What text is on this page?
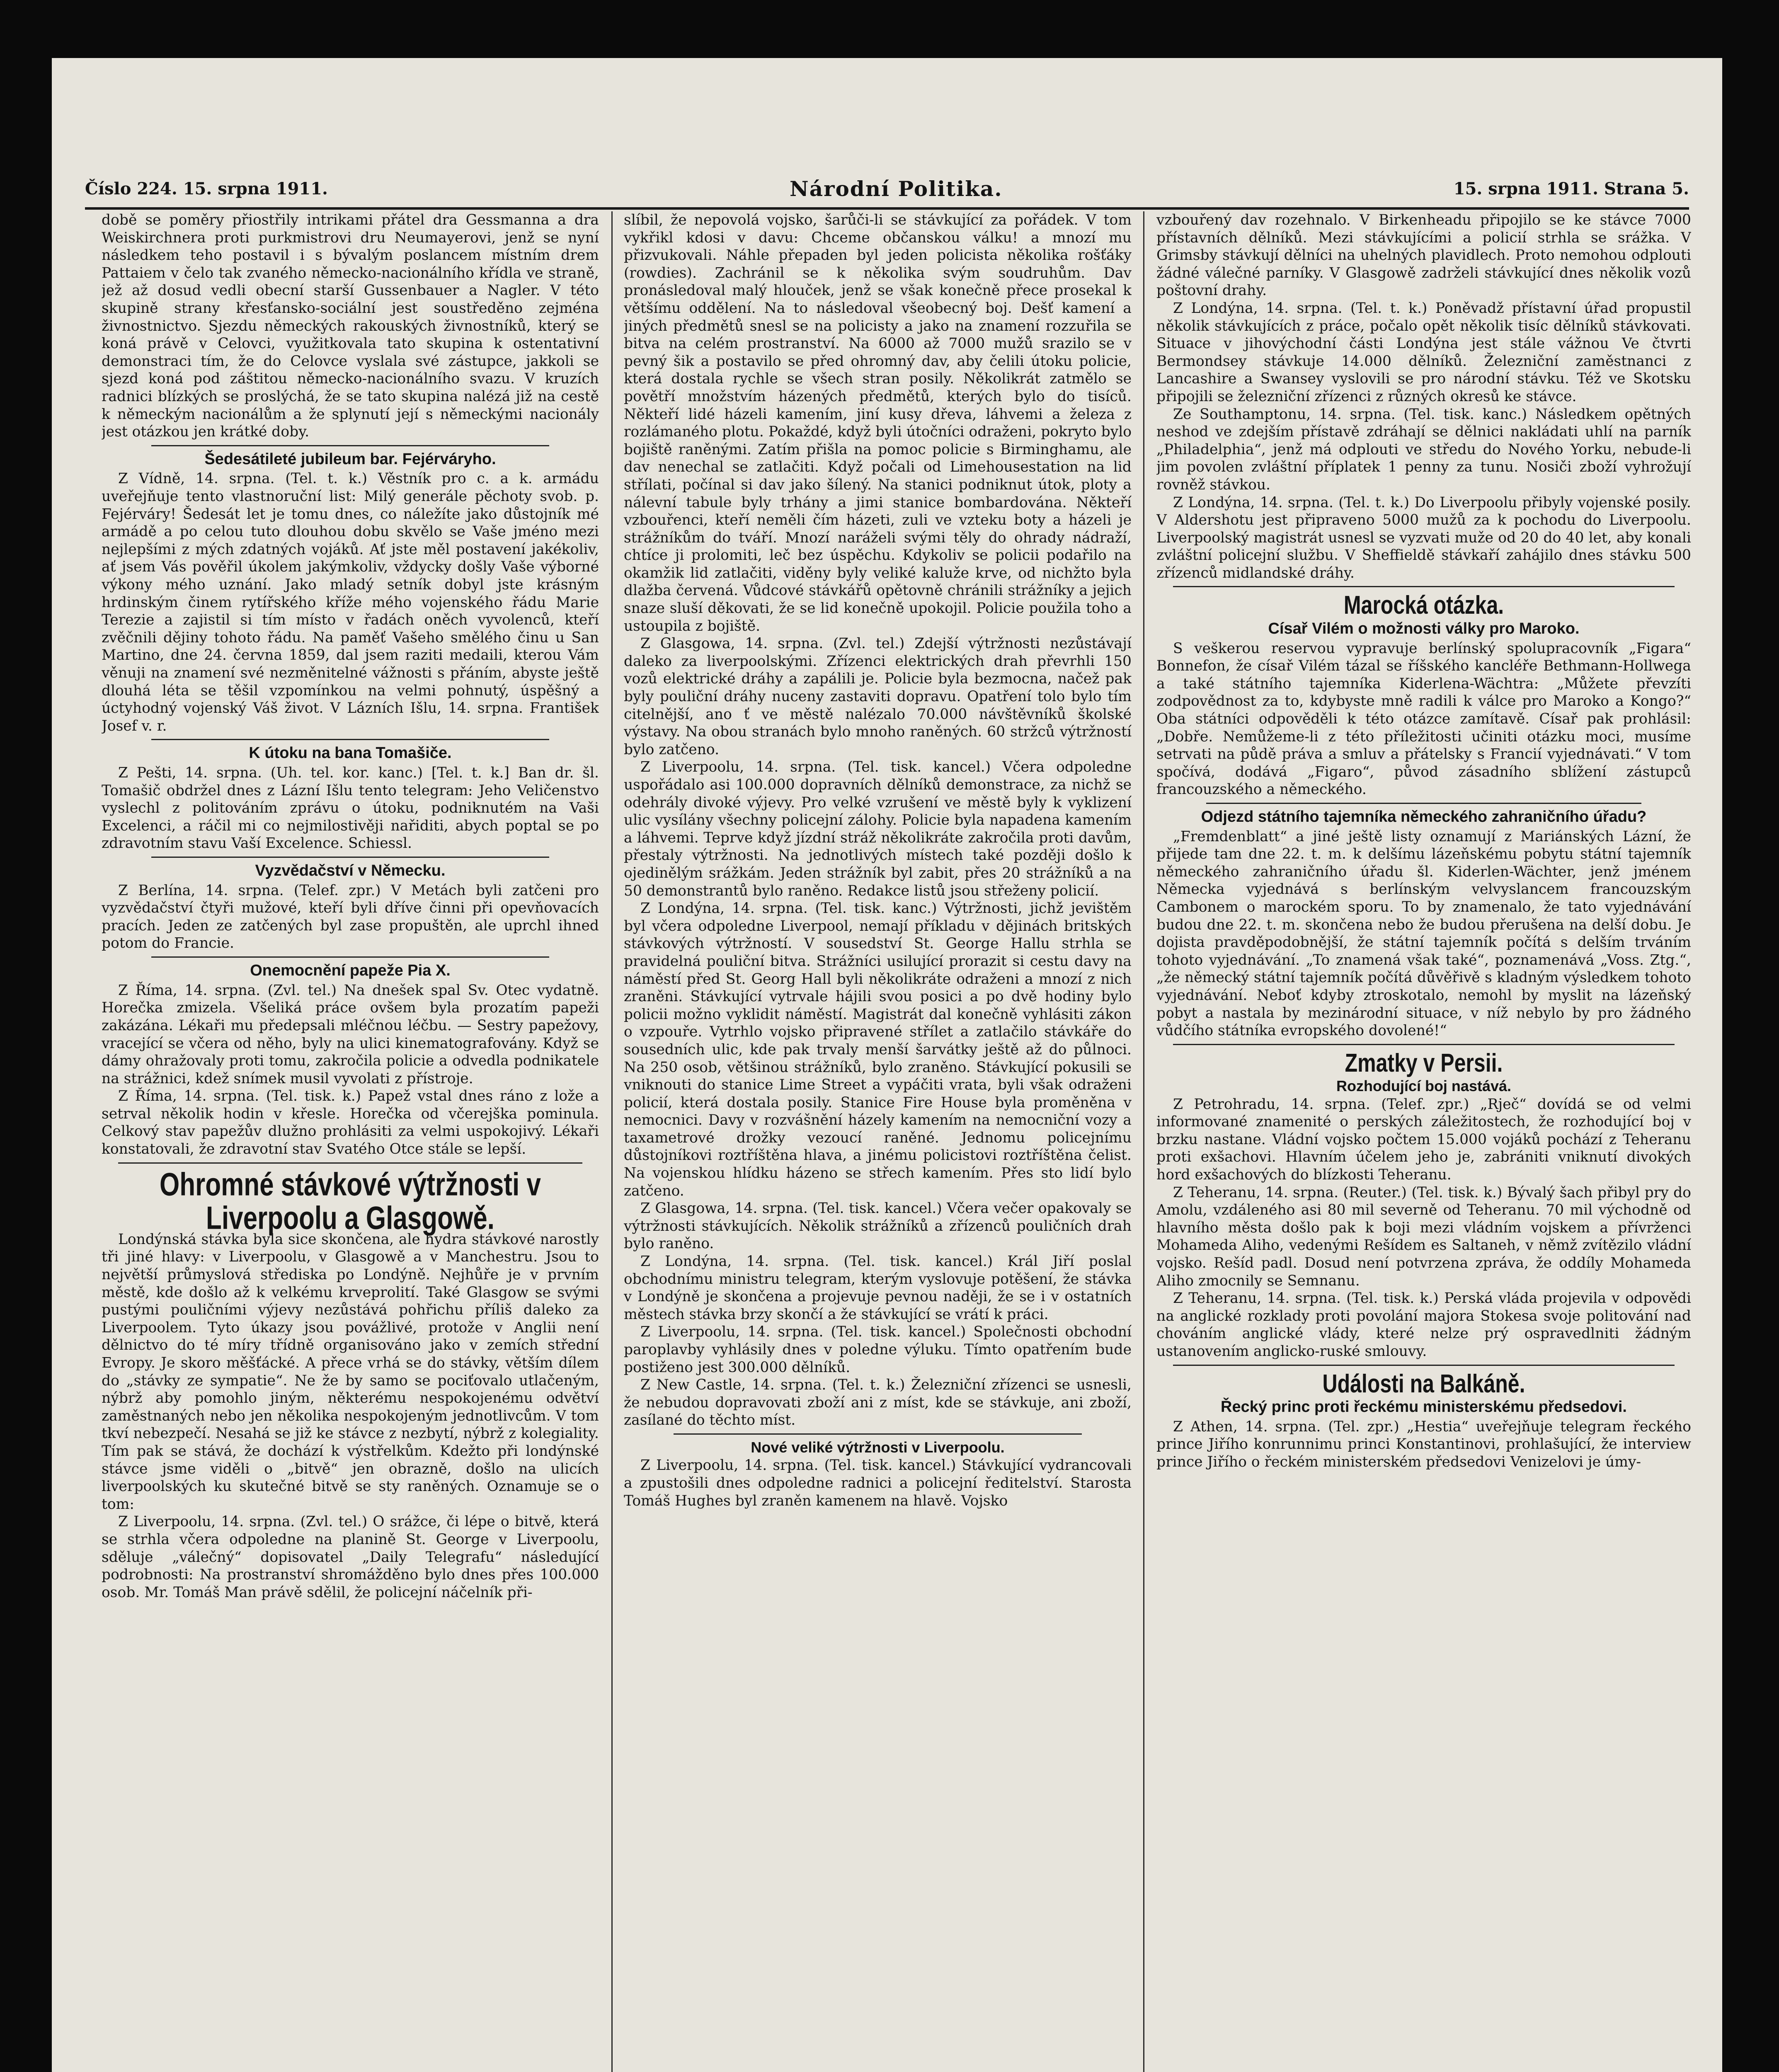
Číslo 224. 15. srpna 1911.	Národní Politika.	15. srpna 1911. Strana 5.

době se poměry přiostřily intrikami přátel dra Gessmanna a dra Weiskirchnera proti purkmistrovi dru Neumayerovi, jenž se nyní následkem teho postavil i s bývalým poslancem místním drem Pattaiem v čelo tak zvaného německo-nacionálního křídla ve straně, jež až dosud vedli obecní starší Gussenbauer a Nagler. V této skupině strany křesťansko-sociální jest soustředěno zejména živnostnictvo. Sjezdu německých rakouských živnostníků, který se koná právě v Celovci, využitkovala tato skupina k ostentativní demonstraci tím, že do Celovce vyslala své zástupce, jakkoli se sjezd koná pod záštitou německo-nacionálního svazu. V kruzích radnici blízkých se proslýchá, že se tato skupina nalézá již na cestě k německým nacionálům a že splynutí její s německými nacionály jest otázkou jen krátké doby.

Šedesátileté jubileum bar. Fejérváryho.

Z Vídně, 14. srpna. (Tel. t. k.) Věstník pro c. a k. armádu uveřejňuje tento vlastnoruční list: Milý generále pěchoty svob. p. Fejérváry! Šedesát let je tomu dnes, co náležíte jako důstojník mé armádě a po celou tuto dlouhou dobu skvělo se Vaše jméno mezi nejlepšími z mých zdatných vojáků. Ať jste měl postavení jakékoliv, ať jsem Vás pověřil úkolem jakýmkoliv, vždycky došly Vaše výborné výkony mého uznání. Jako mladý setník dobyl jste krásným hrdinským činem rytířského kříže mého vojenského řádu Marie Terezie a zajistil si tím místo v řadách oněch vyvolenců, kteří zvěčnili dějiny tohoto řádu. Na paměť Vašeho smělého činu u San Martino, dne 24. června 1859, dal jsem raziti medaili, kterou Vám věnuji na znamení své nezměnitelné vážnosti s přáním, abyste ještě dlouhá léta se těšil vzpomínkou na velmi pohnutý, úspěšný a úctyhodný vojenský Váš život. V Lázních Išlu, 14. srpna. František Josef v. r.

K útoku na bana Tomašiče.

Z Pešti, 14. srpna. (Uh. tel. kor. kanc.) [Tel. t. k.] Ban dr. šl. Tomašič obdržel dnes z Lázní Išlu tento telegram: Jeho Veličenstvo vyslechl z politováním zprávu o útoku, podniknutém na Vaši Excelenci, a ráčil mi co nejmilostivěji nařiditi, abych poptal se po zdravotním stavu Vaší Excelence. Schiessl.

Vyzvědačství v Německu.

Z Berlína, 14. srpna. (Telef. zpr.) V Metách byli zatčeni pro vyzvědačství čtyři mužové, kteří byli dříve činni při opevňovacích pracích. Jeden ze zatčených byl zase propuštěn, ale uprchl ihned potom do Francie.

Onemocnění papeže Pia X.

Z Říma, 14. srpna. (Zvl. tel.) Na dnešek spal Sv. Otec vydatně. Horečka zmizela. Všeliká práce ovšem byla prozatím papeži zakázána. Lékaři mu předepsali mléčnou léčbu. — Sestry papežovy, vracející se včera od něho, byly na ulici kinematografovány. Když se dámy ohražovaly proti tomu, zakročila policie a odvedla podnikatele na strážnici, kdež snímek musil vyvolati z přístroje.

Z Říma, 14. srpna. (Tel. tisk. k.) Papež vstal dnes ráno z lože a setrval několik hodin v křesle. Horečka od včerejška pominula. Celkový stav papežův dlužno prohlásiti za velmi uspokojivý. Lékaři konstatovali, že zdravotní stav Svatého Otce stále se lepší.

Ohromné stávkové výtržnosti v Liverpoolu a Glasgowě.

Londýnská stávka byla sice skončena, ale hydra stávkové narostly tři jiné hlavy: v Liverpoolu, v Glasgowě a v Manchestru. Jsou to největší průmyslová střediska po Londýně. Nejhůře je v prvním městě, kde došlo až k velkému krveprolití. Také Glasgow se svými pustými pouličními výjevy nezůstává pohřichu příliš daleko za Liverpoolem. Tyto úkazy jsou povážlivé, protože v Anglii není dělnictvo do té míry třídně organisováno jako v zemích střední Evropy. Je skoro měšťácké. A přece vrhá se do stávky, větším dílem do „stávky ze sympatie“. Ne že by samo se pociťovalo utlačeným, nýbrž aby pomohlo jiným, některému nespokojenému odvětví zaměstnaných nebo jen několika nespokojeným jednotlivcům. V tom tkví nebezpečí. Nesahá se již ke stávce z nezbytí, nýbrž z kolegiality. Tím pak se stává, že dochází k výstřelkům. Kdežto při londýnské stávce jsme viděli o „bitvě“ jen obrazně, došlo na ulicích liverpoolských ku skutečné bitvě se sty raněných. Oznamuje se o tom:

Z Liverpoolu, 14. srpna. (Zvl. tel.) O srážce, či lépe o bitvě, která se strhla včera odpoledne na planině St. George v Liverpoolu, sděluje „válečný“ dopisovatel „Daily Telegrafu“ následující podrobnosti: Na prostranství shromážděno bylo dnes přes 100.000 osob. Mr. Tomáš Man právě sdělil, že policejní náčelník při-

slíbil, že nepovolá vojsko, šarůči-li se stávkující za pořádek. V tom vykřikl kdosi v davu: Chceme občanskou válku! a mnozí mu přizvukovali. Náhle přepaden byl jeden policista několika rošťáky (rowdies). Zachránil se k několika svým soudruhům. Dav pronásledoval malý hlouček, jenž se však konečně přece prosekal k většímu oddělení. Na to následoval všeobecný boj. Dešť kamení a jiných předmětů snesl se na policisty a jako na znamení rozzuřila se bitva na celém prostranství. Na 6000 až 7000 mužů srazilo se v pevný šik a postavilo se před ohromný dav, aby čelili útoku policie, která dostala rychle se všech stran posily. Několikrát zatmělo se povětří množstvím házených předmětů, kterých bylo do tisíců. Někteří lidé házeli kamením, jiní kusy dřeva, láhvemi a železa z rozlámaného plotu. Pokaždé, když byli útočníci odraženi, pokryto bylo bojiště raněnými. Zatím přišla na pomoc policie s Birminghamu, ale dav nenechal se zatlačiti. Když počali od Limehousestation na lid střílati, počínal si dav jako šílený. Na stanici podniknut útok, ploty a nálevní tabule byly trhány a jimi stanice bombardována. Někteří vzbouřenci, kteří neměli čím házeti, zuli ve vzteku boty a házeli je strážníkům do tváří. Mnozí naráželi svými těly do ohrady nádraží, chtíce ji prolomiti, leč bez úspěchu. Kdykoliv se policii podařilo na okamžik lid zatlačiti, viděny byly veliké kaluže krve, od nichžto byla dlažba červená. Vůdcové stávkářů opětovně chránili strážníky a jejich snaze sluší děkovati, že se lid konečně upokojil. Policie použila toho a ustoupila z bojiště.

Z Glasgowa, 14. srpna. (Zvl. tel.) Zdejší výtržnosti nezůstávají daleko za liverpoolskými. Zřízenci elektrických drah převrhli 150 vozů elektrické dráhy a zapálili je. Policie byla bezmocna, načež pak byly pouliční dráhy nuceny zastaviti dopravu. Opatření tolo bylo tím citelnější, ano ť ve městě nalézalo 70.000 návštěvníků školské výstavy. Na obou stranách bylo mnoho raněných. 60 stržců výtržností bylo zatčeno.

Z Liverpoolu, 14. srpna. (Tel. tisk. kancel.) Včera odpoledne uspořádalo asi 100.000 dopravních dělníků demonstrace, za nichž se odehrály divoké výjevy. Pro velké vzrušení ve městě byly k vyklizení ulic vysílány všechny policejní zálohy. Policie byla napadena kamením a láhvemi. Teprve když jízdní stráž několikráte zakročila proti davům, přestaly výtržnosti. Na jednotlivých místech také později došlo k ojedinělým srážkám. Jeden strážník byl zabit, přes 20 strážníků a na 50 demonstrantů bylo raněno. Redakce listů jsou střeženy policií.

Z Londýna, 14. srpna. (Tel. tisk. kanc.) Výtržnosti, jichž jevištěm byl včera odpoledne Liverpool, nemají příkladu v dějinách britských stávkových výtržností. V sousedství St. George Hallu strhla se pravidelná pouliční bitva. Strážníci usilující prorazit si cestu davy na náměstí před St. Georg Hall byli několikráte odraženi a mnozí z nich zraněni. Stávkující vytrvale hájili svou posici a po dvě hodiny bylo policii možno vyklidit náměstí. Magistrát dal konečně vyhlásiti zákon o vzpouře. Vytrhlo vojsko připravené střílet a zatlačilo stávkáře do sousedních ulic, kde pak trvaly menší šarvátky ještě až do půlnoci. Na 250 osob, většinou strážníků, bylo zraněno. Stávkující pokusili se vniknouti do stanice Lime Street a vypáčiti vrata, byli však odraženi policií, která dostala posily. Stanice Fire House byla proměněna v nemocnici. Davy v rozvášnění házely kamením na nemocniční vozy a taxametrové drožky vezoucí raněné. Jednomu policejnímu důstojníkovi roztříštěna hlava, a jinému policistovi roztříštěna čelist. Na vojenskou hlídku házeno se střech kamením. Přes sto lidí bylo zatčeno.

Z Glasgowa, 14. srpna. (Tel. tisk. kancel.) Včera večer opakovaly se výtržnosti stávkujících. Několik strážníků a zřízenců pouličních drah bylo raněno.

Z Londýna, 14. srpna. (Tel. tisk. kancel.) Král Jiří poslal obchodnímu ministru telegram, kterým vyslovuje potěšení, že stávka v Londýně je skončena a projevuje pevnou naději, že se i v ostatních městech stávka brzy skončí a že stávkující se vrátí k práci.

Z Liverpoolu, 14. srpna. (Tel. tisk. kancel.) Společnosti obchodní paroplavby vyhlásily dnes v poledne výluku. Tímto opatřením bude postiženo jest 300.000 dělníků.

Z New Castle, 14. srpna. (Tel. t. k.) Železniční zřízenci se usnesli, že nebudou dopravovati zboží ani z míst, kde se stávkuje, ani zboží, zasílané do těchto míst.

Nové veliké výtržnosti v Liverpoolu.

Z Liverpoolu, 14. srpna. (Tel. tisk. kancel.) Stávkující vydrancovali a zpustošili dnes odpoledne radnici a policejní ředitelství. Starosta Tomáš Hughes byl zraněn kamenem na hlavě. Vojsko

vzbouřený dav rozehnalo. V Birkenheadu připojilo se ke stávce 7000 přístavních dělníků. Mezi stávkujícími a policií strhla se srážka. V Grimsby stávkují dělníci na uhelných plavidlech. Proto nemohou odplouti žádné válečné parníky. V Glasgowě zadrželi stávkující dnes několik vozů poštovní drahy.

Z Londýna, 14. srpna. (Tel. t. k.) Poněvadž přístavní úřad propustil několik stávkujících z práce, počalo opět několik tisíc dělníků stávkovati. Situace v jihovýchodní části Londýna jest stále vážnou Ve čtvrti Bermondsey stávkuje 14.000 dělníků. Železniční zaměstnanci z Lancashire a Swansey vyslovili se pro národní stávku. Též ve Skotsku připojili se železniční zřízenci z různých okresů ke stávce.

Ze Southamptonu, 14. srpna. (Tel. tisk. kanc.) Následkem opětných neshod ve zdejším přístavě zdráhají se dělnici nakládati uhlí na parník „Philadelphia“, jenž má odplouti ve středu do Nového Yorku, nebude-li jim povolen zvláštní příplatek 1 penny za tunu. Nosiči zboží vyhrožují rovněž stávkou.

Z Londýna, 14. srpna. (Tel. t. k.) Do Liverpoolu přibyly vojenské posily. V Aldershotu jest připraveno 5000 mužů za k pochodu do Liverpoolu. Liverpoolský magistrát usnesl se vyzvati muže od 20 do 40 let, aby konali zvláštní policejní službu. V Sheffieldě stávkaří zahájilo dnes stávku 500 zřízenců midlandské dráhy.

Marocká otázka.
Císař Vilém o možnosti války pro Maroko.

S veškerou reservou vypravuje berlínský spolupracovník „Figara“ Bonnefon, že císař Vilém tázal se říšského kancléře Bethmann-Hollwega a také státního tajemníka Kiderlena-Wächtra: „Můžete převzíti zodpovědnost za to, kdybyste mně radili k válce pro Maroko a Kongo?“ Oba státníci odpověděli k této otázce zamítavě. Císař pak prohlásil: „Dobře. Nemůžeme-li z této příležitosti učiniti otázku moci, musíme setrvati na půdě práva a smluv a přátelsky s Francií vyjednávati.“ V tom spočívá, dodává „Figaro“, původ zásadního sblížení zástupců francouzského a německého.

Odjezd státního tajemníka německého zahraničního úřadu?

„Fremdenblatt“ a jiné ještě listy oznamují z Mariánských Lázní, že přijede tam dne 22. t. m. k delšímu lázeňskému pobytu státní tajemník německého zahraničního úřadu šl. Kiderlen-Wächter, jenž jménem Německa vyjednává s berlínským velvyslancem francouzským Cambonem o marockém sporu. To by znamenalo, že tato vyjednávání budou dne 22. t. m. skončena nebo že budou přerušena na delší dobu. Je dojista pravděpodobnější, že státní tajemník počítá s delším trváním tohoto vyjednávání. „To znamená však také“, poznamenává „Voss. Ztg.“, „že německý státní tajemník počítá důvěřivě s kladným výsledkem tohoto vyjednávání. Neboť kdyby ztroskotalo, nemohl by myslit na lázeňský pobyt a nastala by mezinárodní situace, v níž nebylo by pro žádného vůdčího státníka evropského dovolené!“

Zmatky v Persii.
Rozhodující boj nastává.

Z Petrohradu, 14. srpna. (Telef. zpr.) „Rječ“ dovídá se od velmi informované znamenité o perských záležitostech, že rozhodující boj v brzku nastane. Vládní vojsko počtem 15.000 vojáků pochází z Teheranu proti exšachovi. Hlavním účelem jeho je, zabrániti vniknutí divokých hord exšachových do blízkosti Teheranu.

Z Teheranu, 14. srpna. (Reuter.) (Tel. tisk. k.) Bývalý šach přibyl pry do Amolu, vzdáleného asi 80 mil severně od Teheranu. 70 mil východně od hlavního města došlo pak k boji mezi vládním vojskem a přívrženci Mohameda Aliho, vedenými Rešídem es Saltaneh, v němž zvítězilo vládní vojsko. Rešíd padl. Dosud není potvrzena zpráva, že oddíly Mohameda Aliho zmocnily se Semnanu.

Z Teheranu, 14. srpna. (Tel. tisk. k.) Perská vláda projevila v odpovědi na anglické rozklady proti povolání majora Stokesa svoje politování nad chováním anglické vlády, které nelze prý ospravedlniti žádným ustanovením anglicko-ruské smlouvy.

Události na Balkáně.
Řecký princ proti řeckému ministerskému předsedovi.

Z Athen, 14. srpna. (Tel. zpr.) „Hestia“ uveřejňuje telegram řeckého prince Jiřího konrunnimu princi Konstantinovi, prohlašující, že interview prince Jiřího o řeckém ministerském předsedovi Venizelovi je úmy-
